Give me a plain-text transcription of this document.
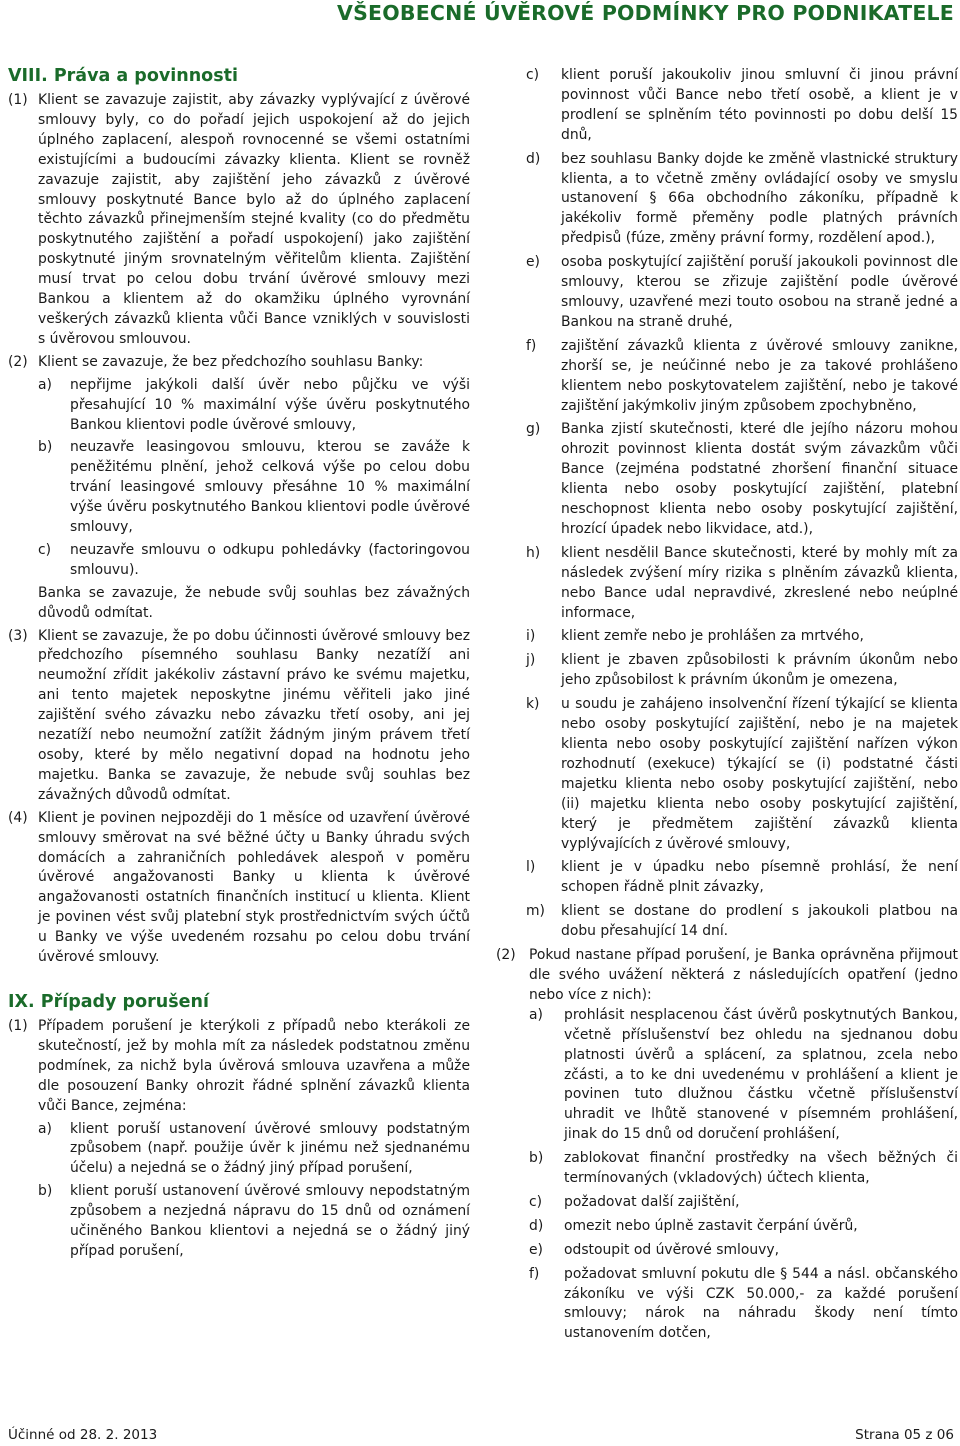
VŠEOBECNÉ ÚVĚROVÉ PODMÍNKY PRO PODNIKATELE
VIII. Práva a povinnosti
(1) Klient se zavazuje zajistit, aby závazky vyplývající z úvěrové smlouvy byly, co do pořadí jejich uspokojení až do jejich úplného zaplacení, alespoň rovnocenné se všemi ostatními existujícími a budoucími závazky klienta. Klient se rovněž zavazuje zajistit, aby zajištění jeho závazků z úvěrové smlouvy poskytnuté Bance bylo až do úplného zaplacení těchto závazků přinejmenším stejné kvality (co do předmětu poskytnutého zajištění a pořadí uspokojení) jako zajištění poskytnuté jiným srovnatelným věřitelům klienta. Zajištění musí trvat po celou dobu trvání úvěrové smlouvy mezi Bankou a klientem až do okamžiku úplného vyrovnání veškerých závazků klienta vůči Bance vzniklých v souvislosti s úvěrovou smlouvou.
(2) Klient se zavazuje, že bez předchozího souhlasu Banky:
a)	nepřijme jakýkoli další úvěr nebo půjčku ve výši přesahující 10 % maximální výše úvěru poskytnutého Bankou klientovi podle úvěrové smlouvy,
b)	neuzavře leasingovou smlouvu, kterou se zaváže k peněžitému plnění, jehož celková výše po celou dobu trvání leasingové smlouvy přesáhne 10 % maximální výše úvěru poskytnutého Bankou klientovi podle úvěrové smlouvy,
c)	neuzavře smlouvu o odkupu pohledávky (factoringovou smlouvu).
Banka se zavazuje, že nebude svůj souhlas bez závažných důvodů odmítat.
(3) Klient se zavazuje, že po dobu účinnosti úvěrové smlouvy bez předchozího písemného souhlasu Banky nezatíží ani neumožní zřídit jakékoliv zástavní právo ke svému majetku, ani tento majetek neposkytne jinému věřiteli jako jiné zajištění svého závazku nebo závazku třetí osoby, ani jej nezatíží nebo neumožní zatížit žádným jiným právem třetí osoby, které by mělo negativní dopad na hodnotu jeho majetku. Banka se zavazuje, že nebude svůj souhlas bez závažných důvodů odmítat.
(4) Klient je povinen nejpozději do 1 měsíce od uzavření úvěrové smlouvy směrovat na své běžné účty u Banky úhradu svých domácích a zahraničních pohledávek alespoň v poměru úvěrové angažovanosti Banky u klienta k úvěrové angažovanosti ostatních finančních institucí u klienta. Klient je povinen vést svůj platební styk prostřednictvím svých účtů u Banky ve výše uvedeném rozsahu po celou dobu trvání úvěrové smlouvy.
IX. Případy porušení
(1) Případem porušení je kterýkoli z případů nebo kterákoli ze skutečností, jež by mohla mít za následek podstatnou změnu podmínek, za nichž byla úvěrová smlouva uzavřena a může dle posouzení Banky ohrozit řádné splnění závazků klienta vůči Bance, zejména:
a)	klient poruší ustanovení úvěrové smlouvy podstatným způsobem (např. použije úvěr k jinému než sjednanému účelu) a nejedná se o žádný jiný případ porušení,
b)	klient poruší ustanovení úvěrové smlouvy nepodstatným způsobem a nezjedná nápravu do 15 dnů od oznámení učiněného Bankou klientovi a nejedná se o žádný jiný případ porušení,
c)	klient poruší jakoukoliv jinou smluvní či jinou právní povinnost vůči Bance nebo třetí osobě, a klient je v prodlení se splněním této povinnosti po dobu delší 15 dnů,
d)	bez souhlasu Banky dojde ke změně vlastnické struktury klienta, a to včetně změny ovládající osoby ve smyslu ustanovení § 66a obchodního zákoníku, případně k jakékoliv formě přeměny podle platných právních předpisů (fúze, změny právní formy, rozdělení apod.),
e)	osoba poskytující zajištění poruší jakoukoli povinnost dle smlouvy, kterou se zřizuje zajištění podle úvěrové smlouvy, uzavřené mezi touto osobou na straně jedné a Bankou na straně druhé,
f)	zajištění závazků klienta z úvěrové smlouvy zanikne, zhorší se, je neúčinné nebo je za takové prohlášeno klientem nebo poskytovatelem zajištění, nebo je takové zajištění jakýmkoliv jiným způsobem zpochybněno,
g)	Banka zjistí skutečnosti, které dle jejího názoru mohou ohrozit povinnost klienta dostát svým závazkům vůči Bance (zejména podstatné zhoršení finanční situace klienta nebo osoby poskytující zajištění, platební neschopnost klienta nebo osoby poskytující zajištění, hrozící úpadek nebo likvidace, atd.),
h)	klient nesdělil Bance skutečnosti, které by mohly mít za následek zvýšení míry rizika s plněním závazků klienta, nebo Bance udal nepravdivé, zkreslené nebo neúplné informace,
i)	klient zemře nebo je prohlášen za mrtvého,
j)	klient je zbaven způsobilosti k právním úkonům nebo jeho způsobilost k právním úkonům je omezena,
k)	u soudu je zahájeno insolvenční řízení týkající se klienta nebo osoby poskytující zajištění, nebo je na majetek klienta nebo osoby poskytující zajištění nařízen výkon rozhodnutí (exekuce) týkající se (i) podstatné části majetku klienta nebo osoby poskytující zajištění, nebo (ii) majetku klienta nebo osoby poskytující zajištění, který je předmětem zajištění závazků klienta vyplývajících z úvěrové smlouvy,
l)	klient je v úpadku nebo písemně prohlásí, že není schopen řádně plnit závazky,
m)	klient se dostane do prodlení s jakoukoli platbou na dobu přesahující 14 dní.
(2) Pokud nastane případ porušení, je Banka oprávněna přijmout dle svého uvážení některá z následujících opatření (jedno nebo více z nich):
a)	prohlásit nesplacenou část úvěrů poskytnutých Bankou, včetně příslušenství bez ohledu na sjednanou dobu platnosti úvěrů a splácení, za splatnou, zcela nebo zčásti, a to ke dni uvedenému v prohlášení a klient je povinen tuto dlužnou částku včetně příslušenství uhradit ve lhůtě stanovené v písemném prohlášení, jinak do 15 dnů od doručení prohlášení,
b)	zablokovat finanční prostředky na všech běžných či termínovaných (vkladových) účtech klienta,
c)	požadovat další zajištění,
d)	omezit nebo úplně zastavit čerpání úvěrů,
e)	odstoupit od úvěrové smlouvy,
f)	požadovat smluvní pokutu dle § 544 a násl. občanského zákoníku ve výši CZK 50.000,- za každé porušení smlouvy; nárok na náhradu škody není tímto ustanovením dotčen,
Účinné od 28. 2. 2013	Strana 05 z 06
